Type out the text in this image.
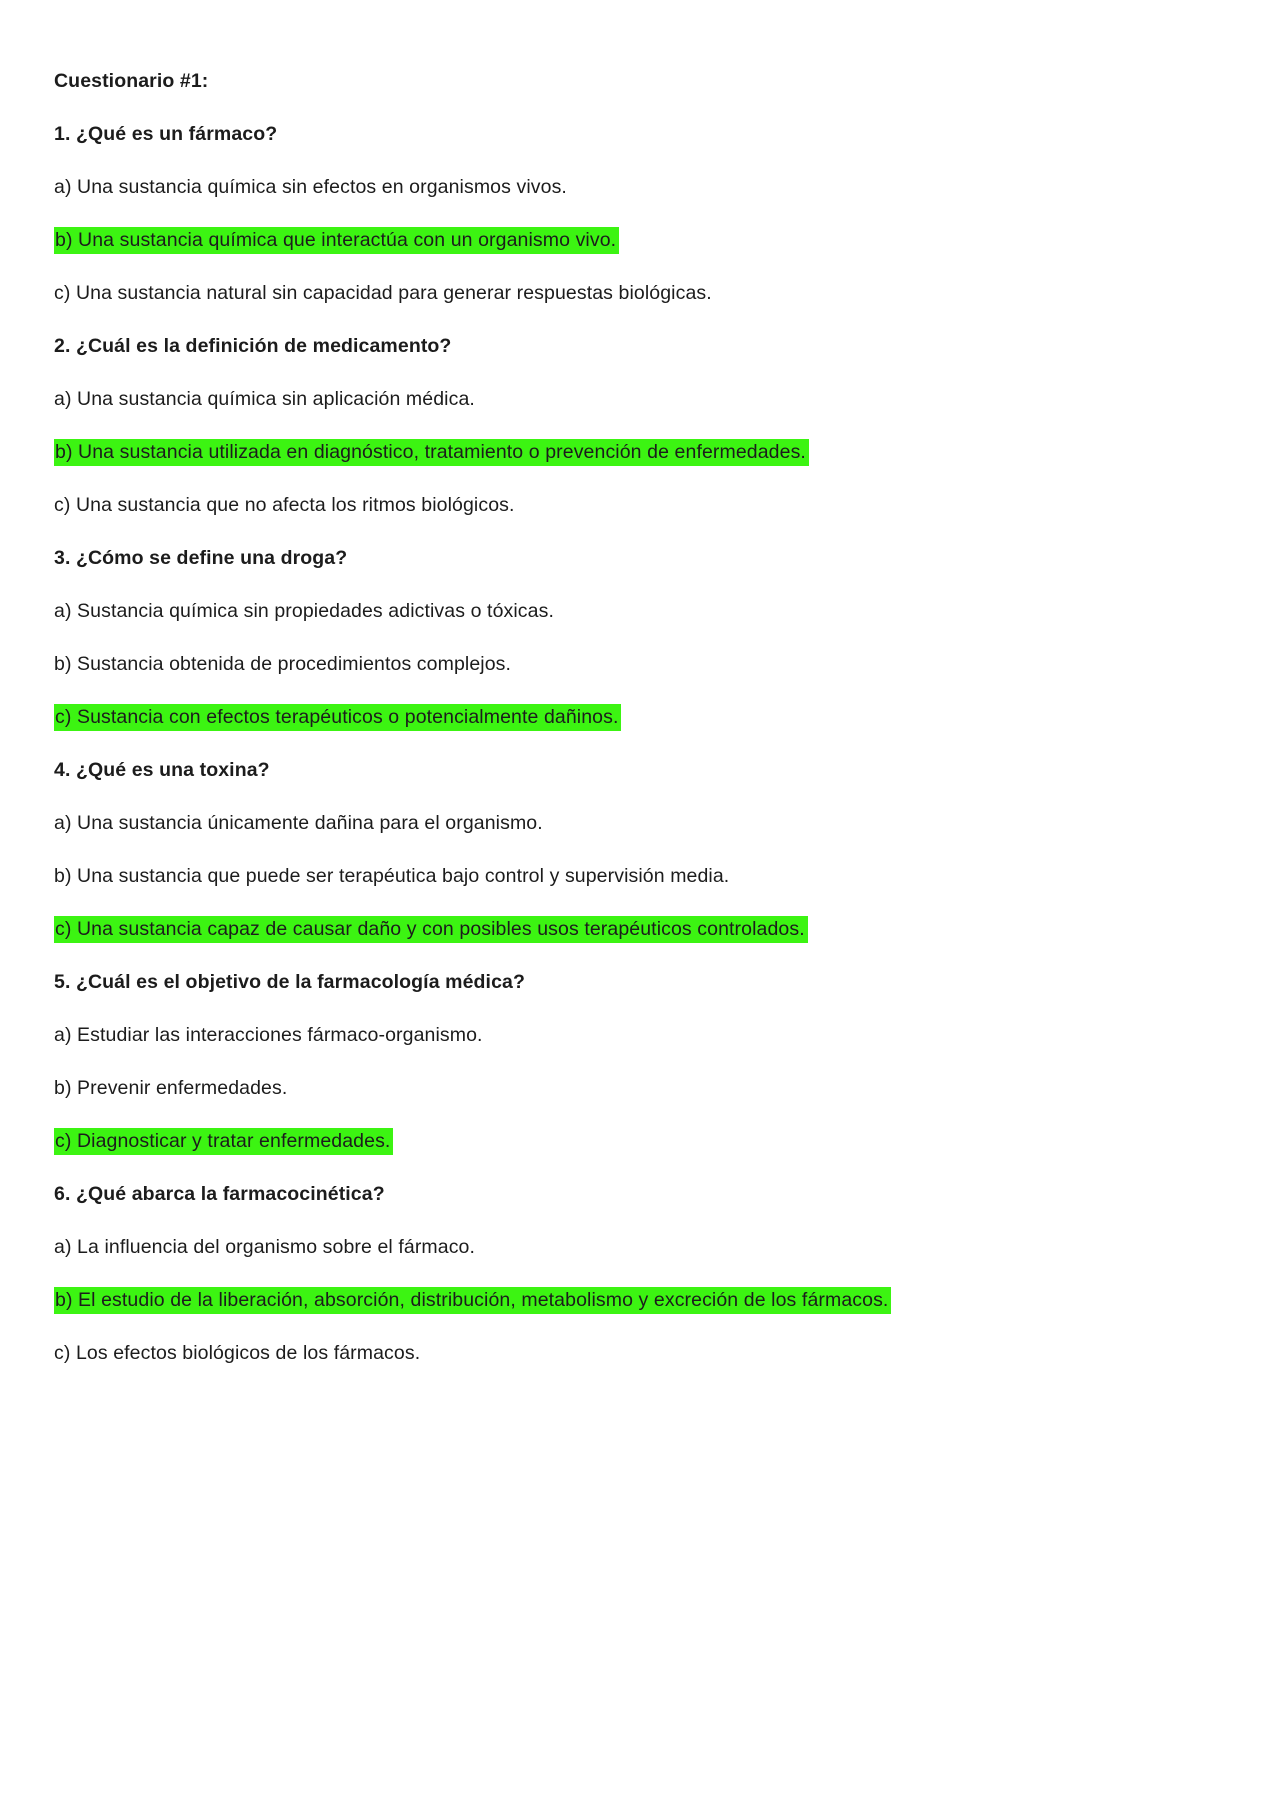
Cuestionario #1:

1. ¿Qué es un fármaco?

a) Una sustancia química sin efectos en organismos vivos.

b) Una sustancia química que interactúa con un organismo vivo.

c) Una sustancia natural sin capacidad para generar respuestas biológicas.

2. ¿Cuál es la definición de medicamento?

a) Una sustancia química sin aplicación médica.

b) Una sustancia utilizada en diagnóstico, tratamiento o prevención de enfermedades.

c) Una sustancia que no afecta los ritmos biológicos.

3. ¿Cómo se define una droga?

a) Sustancia química sin propiedades adictivas o tóxicas.

b) Sustancia obtenida de procedimientos complejos.

c) Sustancia con efectos terapéuticos o potencialmente dañinos.

4. ¿Qué es una toxina?

a) Una sustancia únicamente dañina para el organismo.

b) Una sustancia que puede ser terapéutica bajo control y supervisión media.

c) Una sustancia capaz de causar daño y con posibles usos terapéuticos controlados.

5. ¿Cuál es el objetivo de la farmacología médica?

a) Estudiar las interacciones fármaco-organismo.

b) Prevenir enfermedades.

c) Diagnosticar y tratar enfermedades.

6. ¿Qué abarca la farmacocinética?

a) La influencia del organismo sobre el fármaco.

b) El estudio de la liberación, absorción, distribución, metabolismo y excreción de los fármacos.

c) Los efectos biológicos de los fármacos.
